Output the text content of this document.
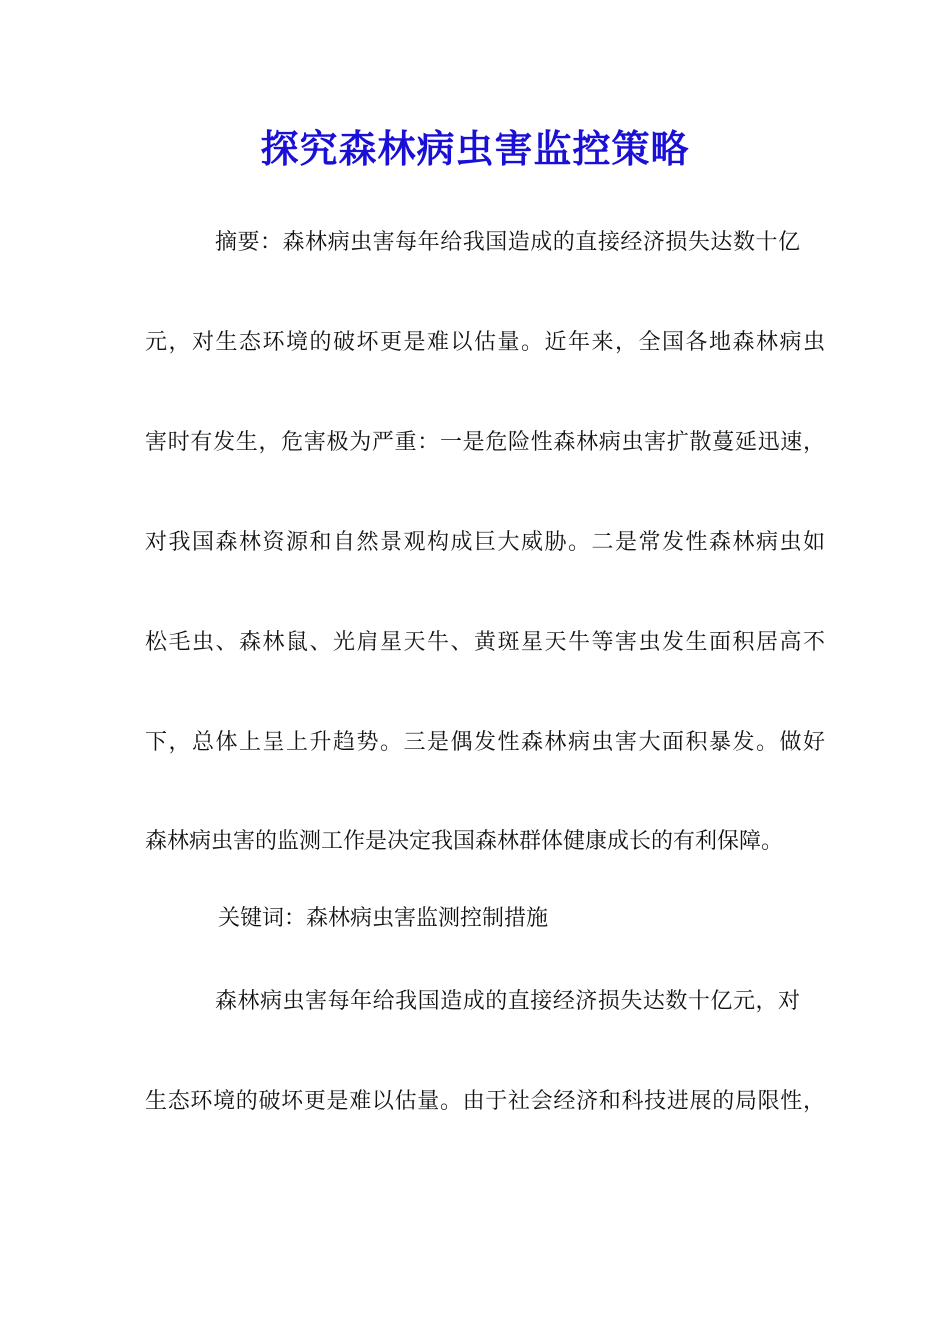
探究森林病虫害监控策略
摘要：森林病虫害每年给我国造成的直接经济损失达数十亿
元，对生态环境的破坏更是难以估量。近年来，全国各地森林病虫
害时有发生，危害极为严重：一是危险性森林病虫害扩散蔓延迅速，
对我国森林资源和自然景观构成巨大威胁。二是常发性森林病虫如
松毛虫、森林鼠、光肩星天牛、黄斑星天牛等害虫发生面积居高不
下，总体上呈上升趋势。三是偶发性森林病虫害大面积暴发。做好
森林病虫害的监测工作是决定我国森林群体健康成长的有利保障。
关键词：森林病虫害监测控制措施
森林病虫害每年给我国造成的直接经济损失达数十亿元，对
生态环境的破坏更是难以估量。由于社会经济和科技进展的局限性，
